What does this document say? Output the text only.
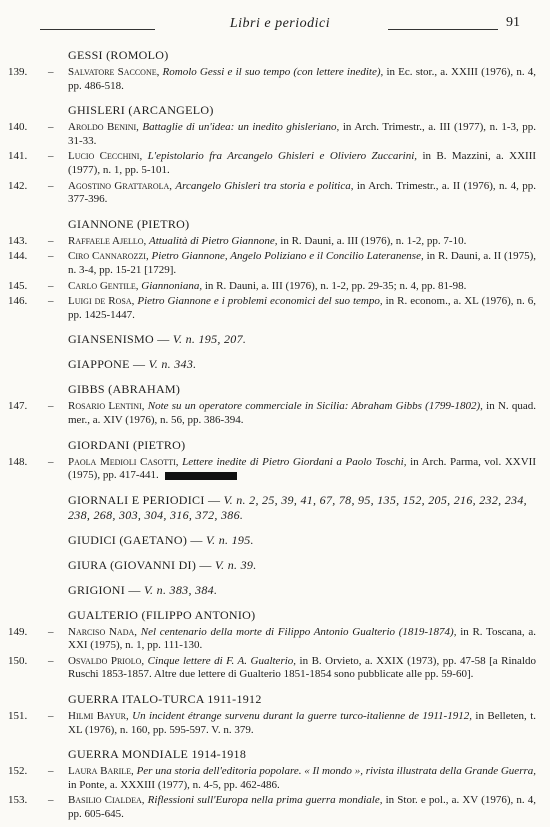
Libri e periodici	91
GESSI (ROMOLO)
139.	– Salvatore Saccone, Romolo Gessi e il suo tempo (con lettere inedite), in Ec. stor., a. XXIII (1976), n. 4, pp. 486-518.
GHISLERI (ARCANGELO)
140.	– Aroldo Benini, Battaglie di un'idea: un inedito ghisleriano, in Arch. Trimestr., a. III (1977), n. 1-3, pp. 31-33.
141.	– Lucio Cecchini, L'epistolario fra Arcangelo Ghisleri e Oliviero Zuccarini, in B. Mazzini, a. XXIII (1977), n. 1, pp. 5-101.
142.	– Agostino Grattarola, Arcangelo Ghisleri tra storia e politica, in Arch. Trimestr., a. II (1976), n. 4, pp. 377-396.
GIANNONE (PIETRO)
143.	– Raffaele Ajello, Attualità di Pietro Giannone, in R. Dauni, a. III (1976), n. 1-2, pp. 7-10.
144.	– Ciro Cannarozzi, Pietro Giannone, Angelo Poliziano e il Concilio Lateranense, in R. Dauni, a. II (1975), n. 3-4, pp. 15-21 [1729].
145.	– Carlo Gentile, Giannoniana, in R. Dauni, a. III (1976), n. 1-2, pp. 29-35; n. 4, pp. 81-98.
146.	– Luigi de Rosa, Pietro Giannone e i problemi economici del suo tempo, in R. econom., a. XL (1976), n. 6, pp. 1425-1447.
GIANSENISMO — V. n. 195, 207.
GIAPPONE — V. n. 343.
GIBBS (ABRAHAM)
147.	– Rosario Lentini, Note su un operatore commerciale in Sicilia: Abraham Gibbs (1799-1802), in N. quad. mer., a. XIV (1976), n. 56, pp. 386-394.
GIORDANI (PIETRO)
148.	– Paola Medioli Casotti, Lettere inedite di Pietro Giordani a Paolo Toschi, in Arch. Parma, vol. XXVII (1975), pp. 417-441.
GIORNALI E PERIODICI — V. n. 2, 25, 39, 41, 67, 78, 95, 135, 152, 205, 216, 232, 234, 238, 268, 303, 304, 316, 372, 386.
GIUDICI (GAETANO) — V. n. 195.
GIURA (GIOVANNI DI) — V. n. 39.
GRIGIONI — V. n. 383, 384.
GUALTERIO (FILIPPO ANTONIO)
149.	– Narciso Nada, Nel centenario della morte di Filippo Antonio Gualterio (1819-1874), in R. Toscana, a. XXI (1975), n. 1, pp. 111-130.
150.	– Osvaldo Priolo, Cinque lettere di F. A. Gualterio, in B. Orvieto, a. XXIX (1973), pp. 47-58 [a Rinaldo Ruschi 1853-1857. Altre due lettere di Gualterio 1851-1854 sono pubblicate alle pp. 59-60].
GUERRA ITALO-TURCA 1911-1912
151.	– Hilmi Bayur, Un incident étrange survenu durant la guerre turco-italienne de 1911-1912, in Belleten, t. XL (1976), n. 160, pp. 595-597. V. n. 379.
GUERRA MONDIALE 1914-1918
152.	– Laura Barile, Per una storia dell'editoria popolare. « Il mondo », rivista illustrata della Grande Guerra, in Ponte, a. XXXIII (1977), n. 4-5, pp. 462-486.
153.	– Basilio Cialdea, Riflessioni sull'Europa nella prima guerra mondiale, in Stor. e pol., a. XV (1976), n. 4, pp. 605-645.
